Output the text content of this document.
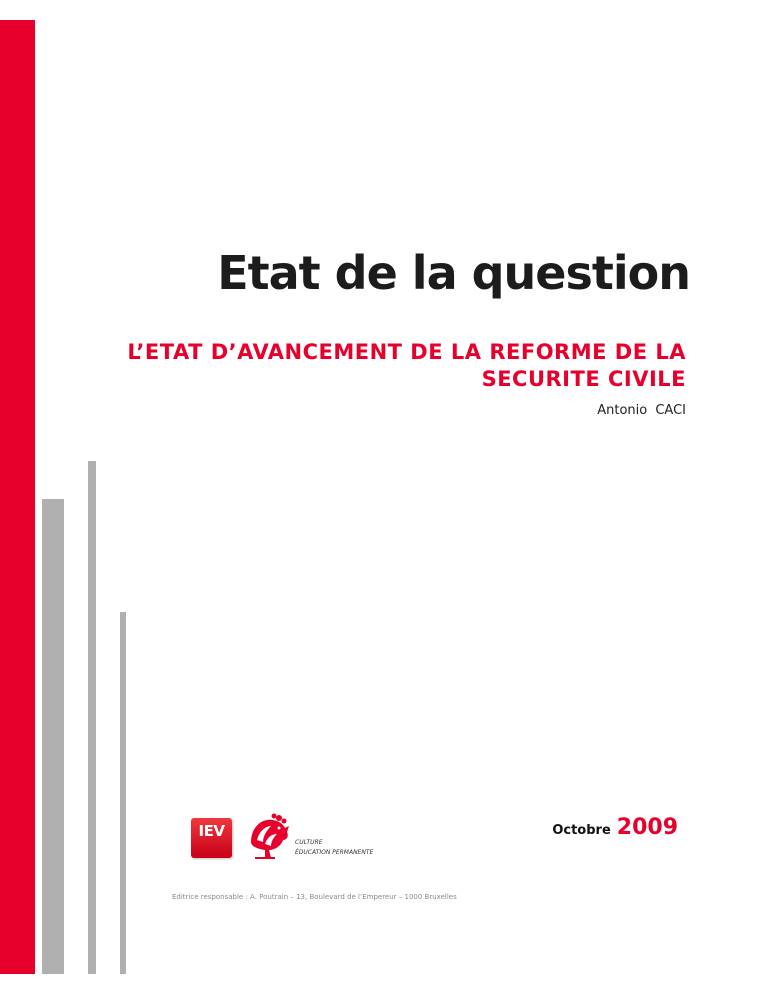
Etat de la question
L’ETAT D’AVANCEMENT DE LA REFORME DE LA SECURITE CIVILE
Antonio CACI
Octobre 2009
IEV
CULTURE
ÉDUCATION PERMANENTE
Editrice responsable : A. Poutrain – 13, Boulevard de l’Empereur – 1000 Bruxelles
